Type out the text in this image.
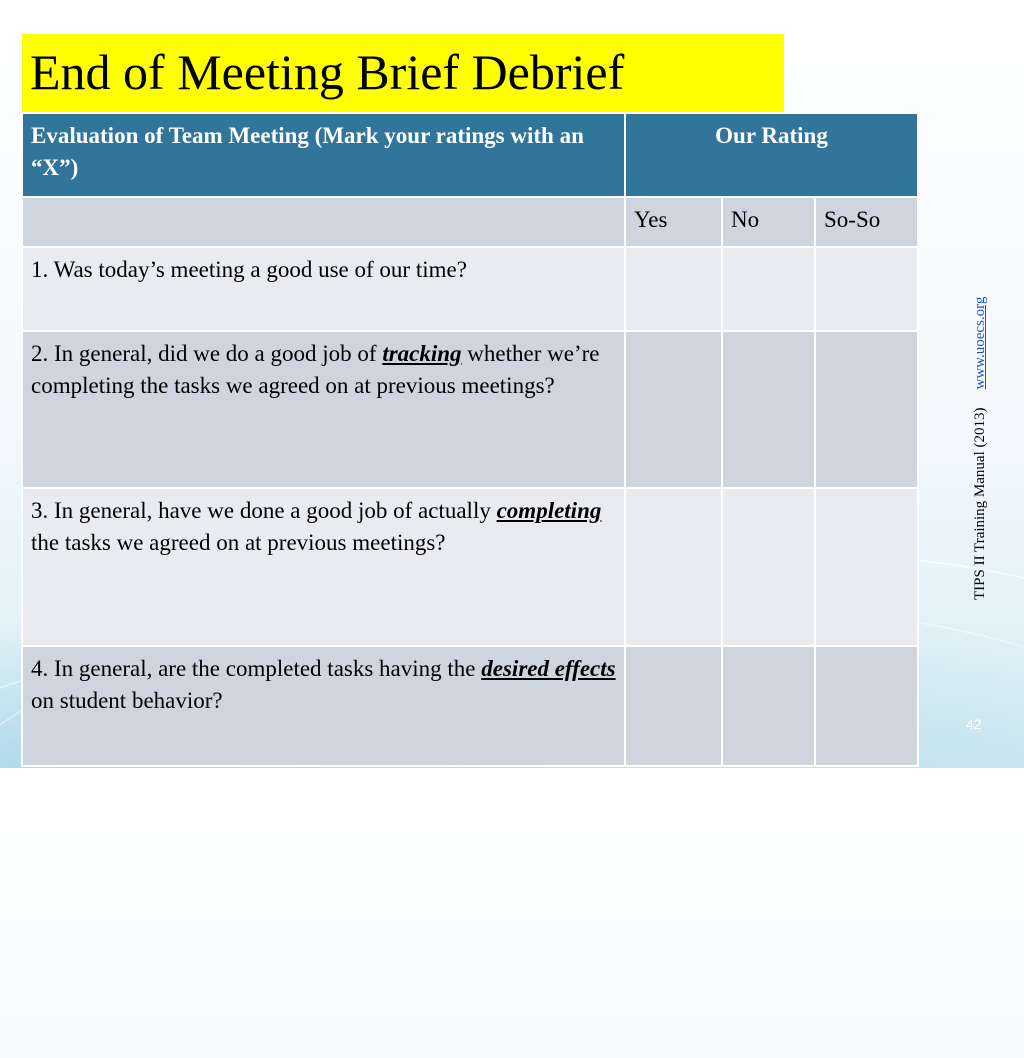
End of Meeting Brief Debrief
Evaluation of Team Meeting (Mark your ratings with an “X”)	Our Rating		
	Yes	No	So-So
1. Was today’s meeting a good use of our time?			
2. In general, did we do a good job of tracking whether we’re completing the tasks we agreed on at previous meetings?			
3. In general, have we done a good job of actually completing the tasks we agreed on at previous meetings?			
4. In general, are the completed tasks having the desired effects on student behavior?			
TIPS II Training Manual (2013)www.uoecs.org
42
